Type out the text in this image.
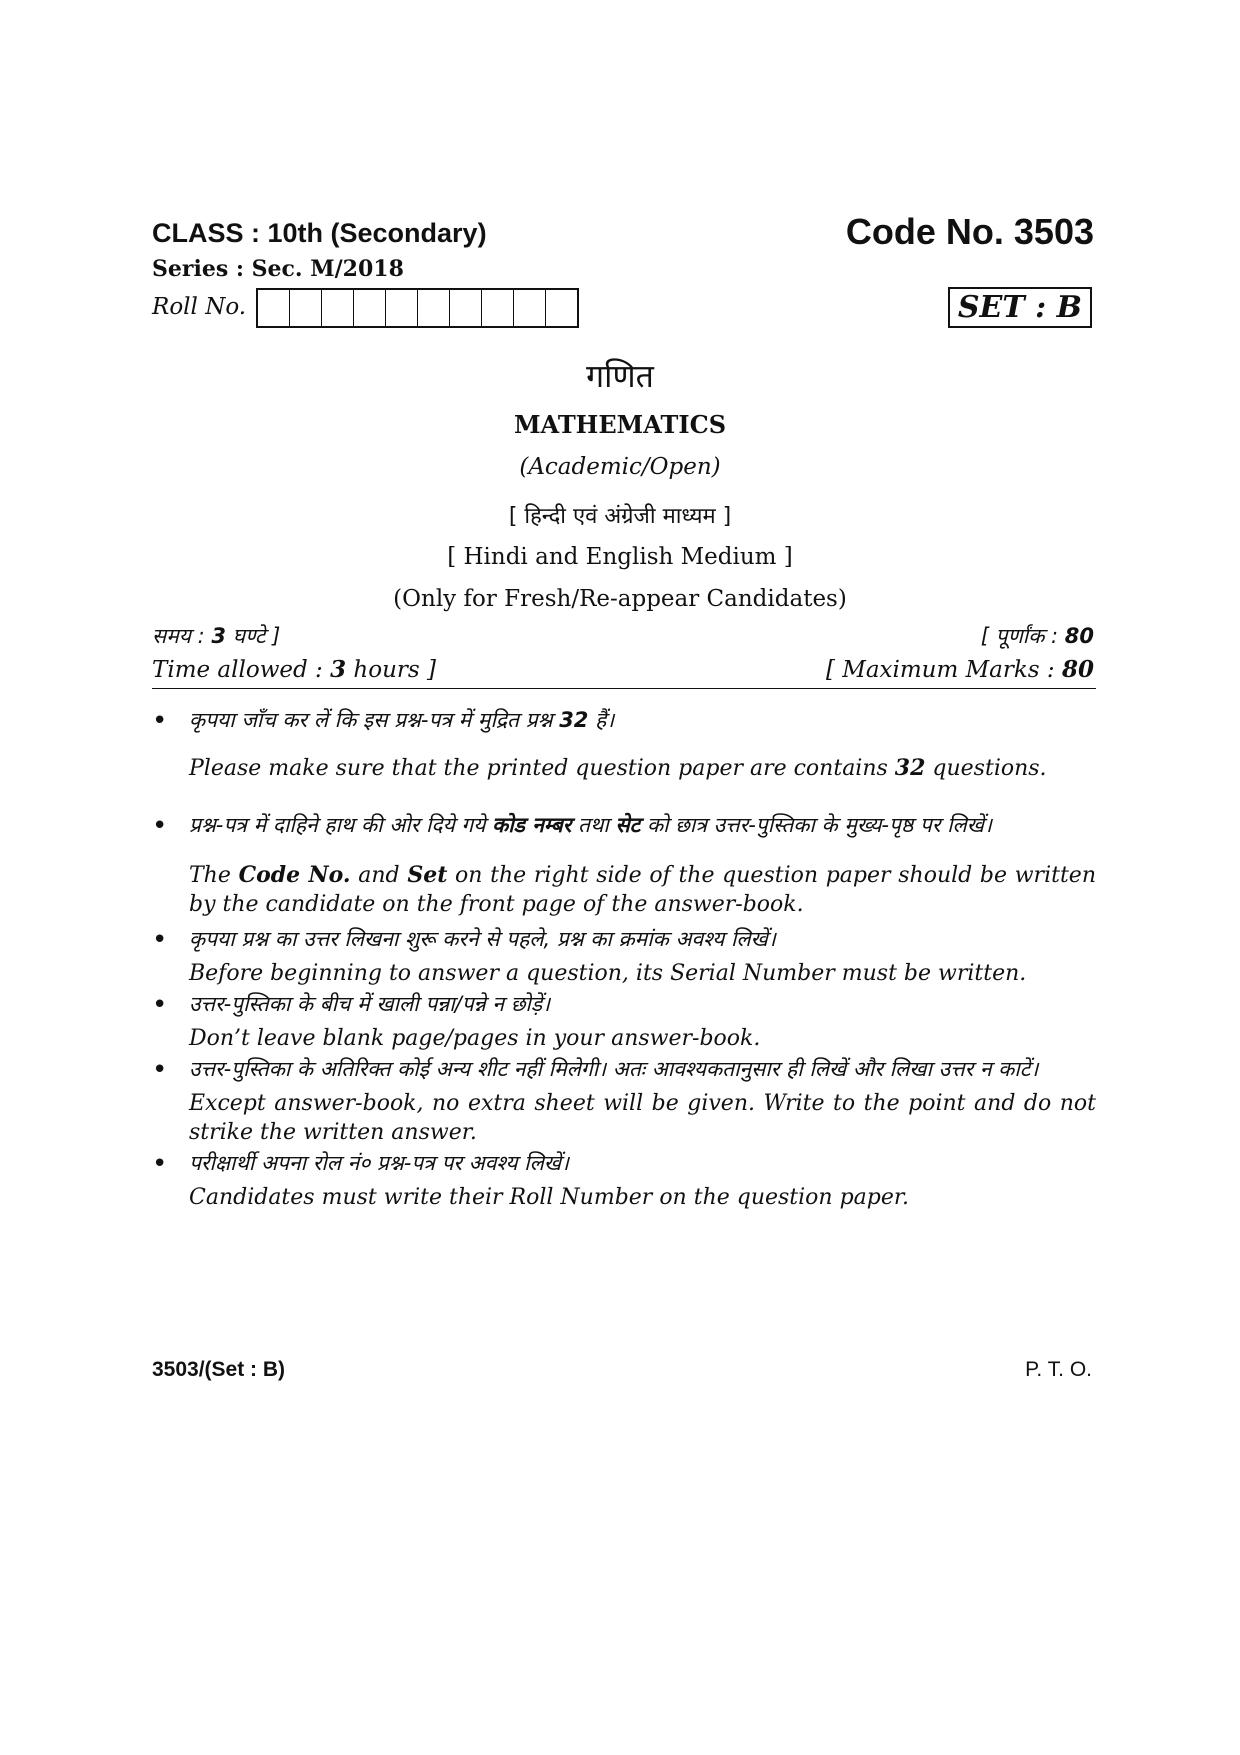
CLASS : 10th (Secondary)	Code No. 3503
Series : Sec. M/2018
Roll No.	SET : B
गणित
MATHEMATICS
(Academic/Open)
[ हिन्दी एवं अंग्रेजी माध्यम ]
[ Hindi and English Medium ]
(Only for Fresh/Re-appear Candidates)
समय : 3 घण्टे ]	[ पूर्णांक : 80
Time allowed : 3 hours ]	[ Maximum Marks : 80
• कृपया जाँच कर लें कि इस प्रश्न-पत्र में मुद्रित प्रश्न 32 हैं।
Please make sure that the printed question paper are contains 32 questions.
• प्रश्न-पत्र में दाहिने हाथ की ओर दिये गये कोड नम्बर तथा सेट को छात्र उत्तर-पुस्तिका के मुख्य-पृष्ठ पर लिखें।
The Code No. and Set on the right side of the question paper should be written by the candidate on the front page of the answer-book.
• कृपया प्रश्न का उत्तर लिखना शुरू करने से पहले, प्रश्न का क्रमांक अवश्य लिखें।
Before beginning to answer a question, its Serial Number must be written.
• उत्तर-पुस्तिका के बीच में खाली पन्ना/पन्ने न छोड़ें।
Don’t leave blank page/pages in your answer-book.
• उत्तर-पुस्तिका के अतिरिक्त कोई अन्य शीट नहीं मिलेगी। अतः आवश्यकतानुसार ही लिखें और लिखा उत्तर न काटें।
Except answer-book, no extra sheet will be given. Write to the point and do not strike the written answer.
• परीक्षार्थी अपना रोल नं० प्रश्न-पत्र पर अवश्य लिखें।
Candidates must write their Roll Number on the question paper.
3503/(Set : B)	P. T. O.
